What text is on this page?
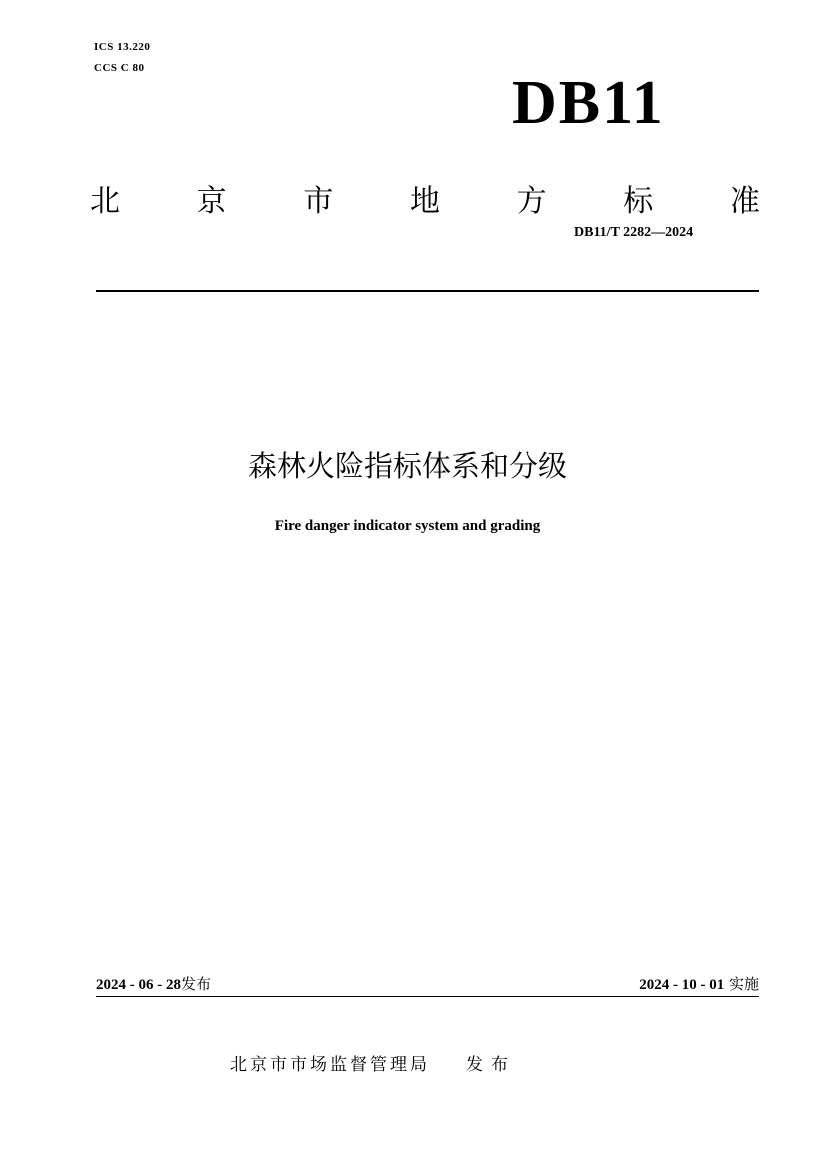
ICS 13.220
CCS C 80
DB11
北	京	市	地	方	标	准
DB11/T 2282—2024
森林火险指标体系和分级
Fire danger indicator system and grading
2024 - 06 - 28发布	2024 - 10 - 01 实施
北京市市场监督管理局 发布
